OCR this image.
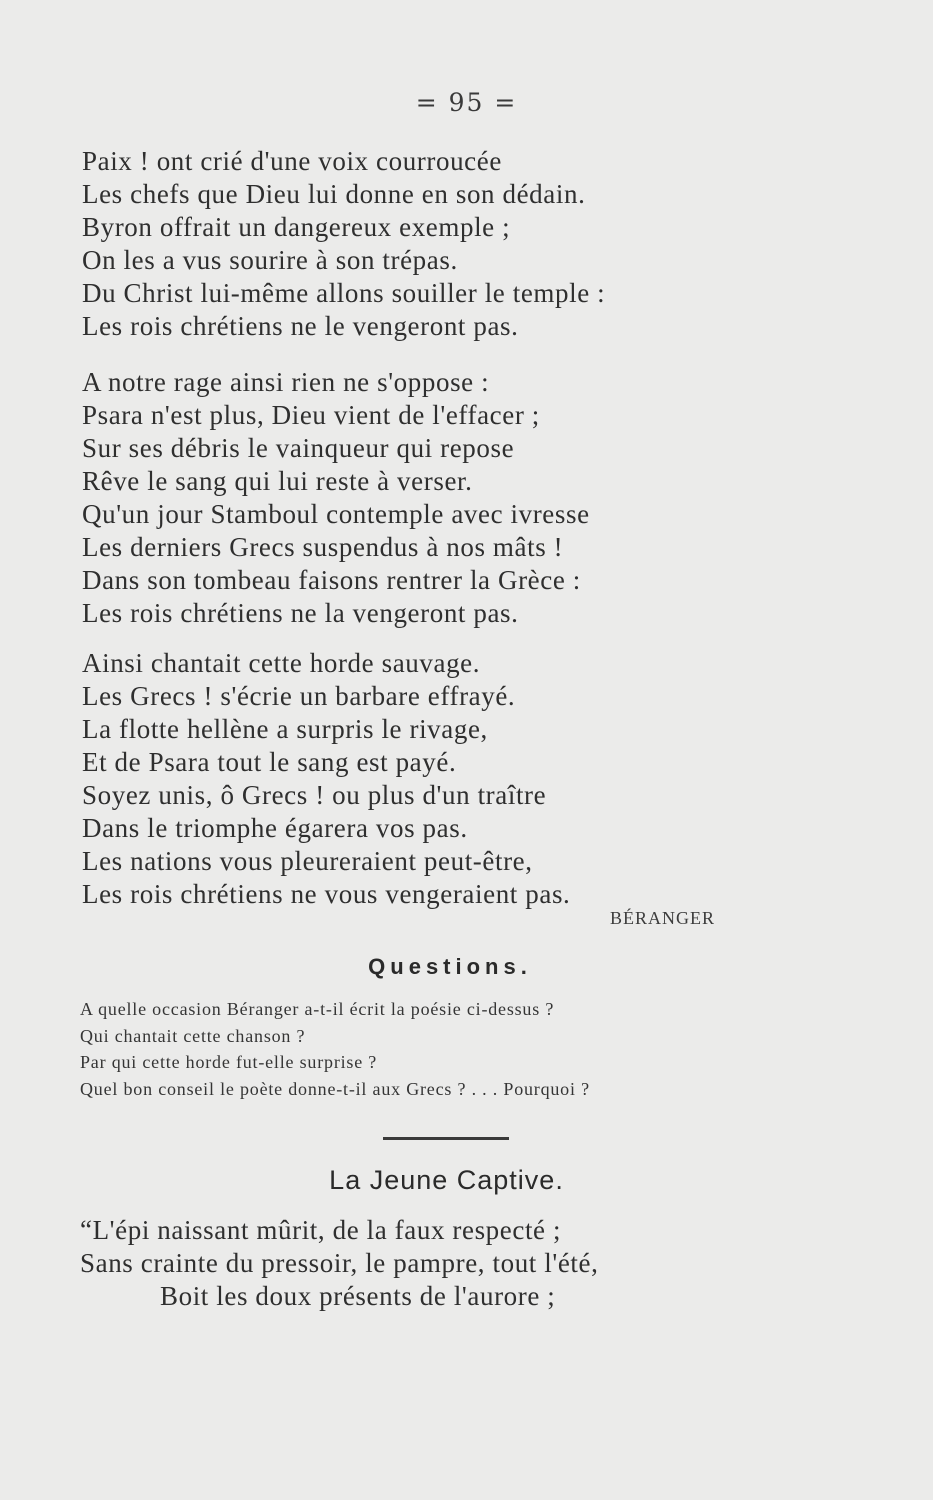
= 95 =
Paix ! ont crié d'une voix courroucée
Les chefs que Dieu lui donne en son dédain.
Byron offrait un dangereux exemple ;
On les a vus sourire à son trépas.
Du Christ lui-même allons souiller le temple :
Les rois chrétiens ne le vengeront pas.
A notre rage ainsi rien ne s'oppose :
Psara n'est plus, Dieu vient de l'effacer ;
Sur ses débris le vainqueur qui repose
Rêve le sang qui lui reste à verser.
Qu'un jour Stamboul contemple avec ivresse
Les derniers Grecs suspendus à nos mâts !
Dans son tombeau faisons rentrer la Grèce :
Les rois chrétiens ne la vengeront pas.
Ainsi chantait cette horde sauvage.
Les Grecs ! s'écrie un barbare effrayé.
La flotte hellène a surpris le rivage,
Et de Psara tout le sang est payé.
Soyez unis, ô Grecs ! ou plus d'un traître
Dans le triomphe égarera vos pas.
Les nations vous pleureraient peut-être,
Les rois chrétiens ne vous vengeraient pas.
BÉRANGER
Questions.
A quelle occasion Béranger a-t-il écrit la poésie ci-dessus ?
Qui chantait cette chanson ?
Par qui cette horde fut-elle surprise ?
Quel bon conseil le poète donne-t-il aux Grecs ? . . . Pourquoi ?
La Jeune Captive.
“L'épi naissant mûrit, de la faux respecté ;
Sans crainte du pressoir, le pampre, tout l'été,
Boit les doux présents de l'aurore ;
